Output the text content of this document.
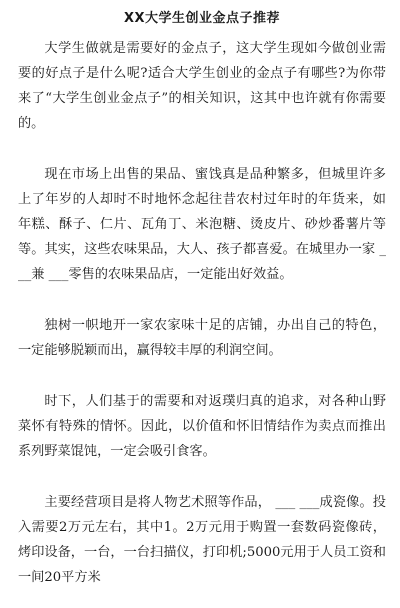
XX大学生创业金点子推荐

大学生做就是需要好的金点子，这大学生现如今做创业需要的好点子是什么呢?适合大学生创业的金点子有哪些?为你带来了“大学生创业金点子”的相关知识，这其中也许就有你需要的。

现在市场上出售的果品、蜜饯真是品种繁多，但城里许多上了年岁的人却时不时地怀念起往昔农村过年时的年货来，如年糕、酥子、仁片、瓦角丁、米泡糖、烫皮片、砂炒番薯片等等。其实，这些农味果品，大人、孩子都喜爱。在城里办一家 ___兼 ___零售的农味果品店，一定能出好效益。

独树一帜地开一家农家味十足的店铺，办出自己的特色，一定能够脱颖而出，赢得较丰厚的利润空间。

时下，人们基于的需要和对返璞归真的追求，对各种山野菜怀有特殊的情怀。因此，以价值和怀旧情结作为卖点而推出系列野菜馄饨，一定会吸引食客。

主要经营项目是将人物艺术照等作品， ___ ___成瓷像。投入需要2万元左右，其中1。2万元用于购置一套数码瓷像砖，烤印设备，一台，一台扫描仪，打印机;5000元用于人员工资和一间20平方米
